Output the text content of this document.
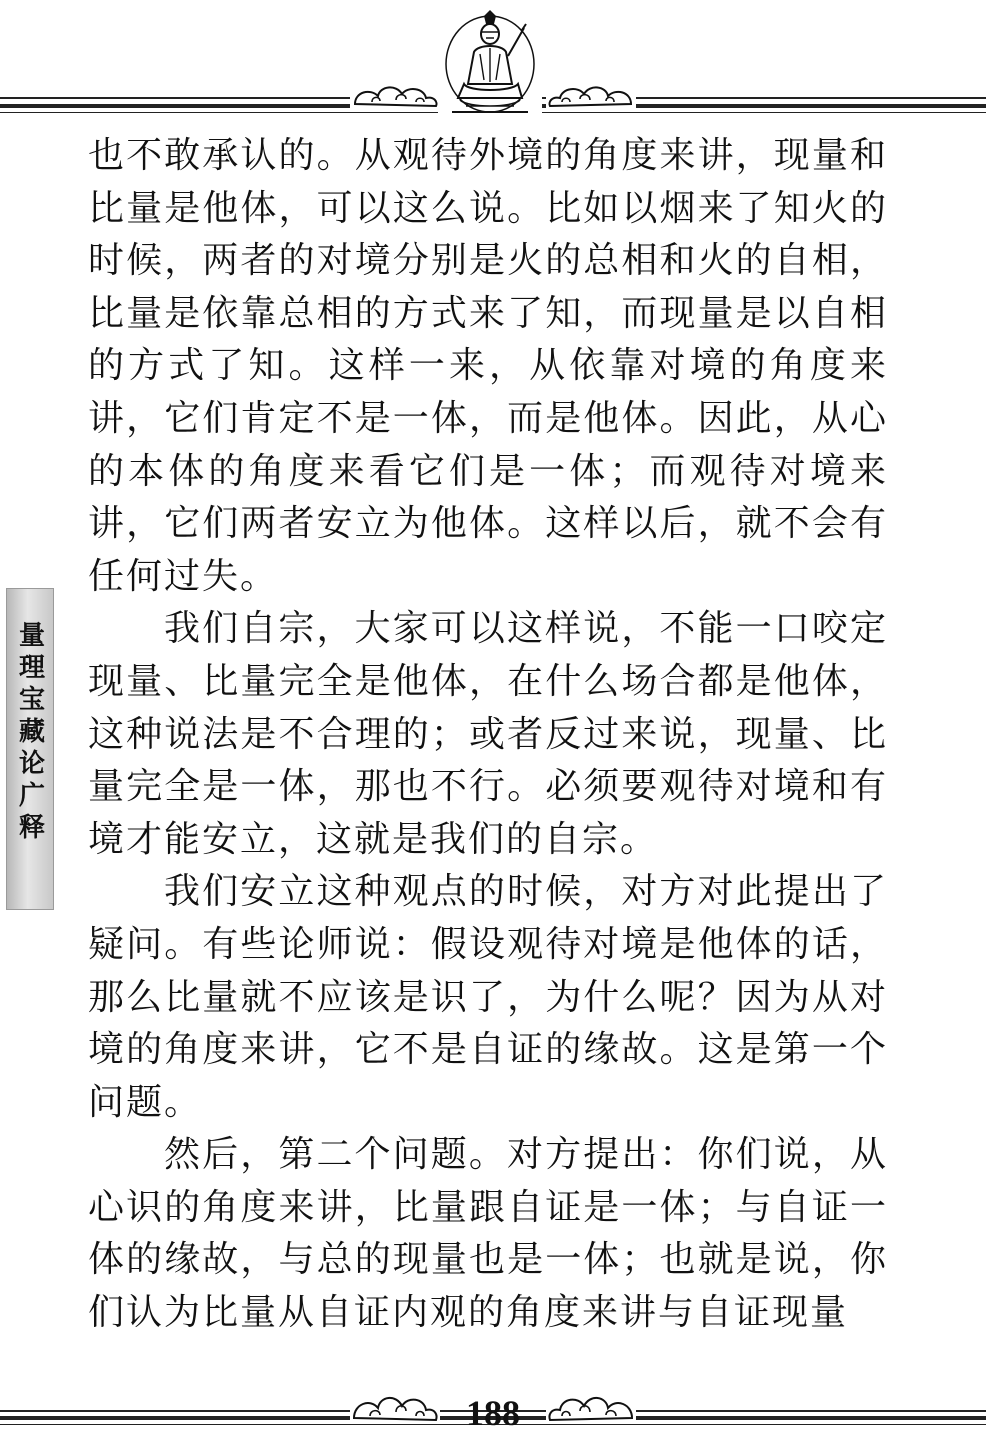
量理宝藏论广释

也不敢承认的。从观待外境的角度来讲，现量和比量是他体，可以这么说。比如以烟来了知火的时候，两者的对境分别是火的总相和火的自相，比量是依靠总相的方式来了知，而现量是以自相的方式了知。这样一来，从依靠对境的角度来讲，它们肯定不是一体，而是他体。因此，从心的本体的角度来看它们是一体；而观待对境来讲，它们两者安立为他体。这样以后，就不会有任何过失。

我们自宗，大家可以这样说，不能一口咬定现量、比量完全是他体，在什么场合都是他体，这种说法是不合理的；或者反过来说，现量、比量完全是一体，那也不行。必须要观待对境和有境才能安立，这就是我们的自宗。

我们安立这种观点的时候，对方对此提出了疑问。有些论师说：假设观待对境是他体的话，那么比量就不应该是识了，为什么呢？因为从对境的角度来讲，它不是自证的缘故。这是第一个问题。

然后，第二个问题。对方提出：你们说，从心识的角度来讲，比量跟自证是一体；与自证一体的缘故，与总的现量也是一体；也就是说，你们认为比量从自证内观的角度来讲与自证现量

188
